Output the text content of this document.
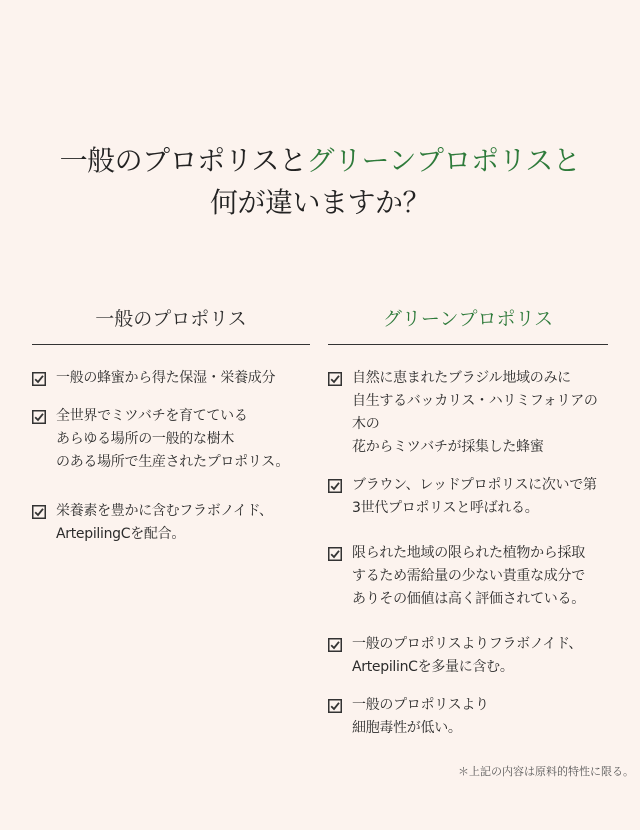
一般のプロポリスとグリーンプロポリスと
何が違いますか？
一般のプロポリス
一般の蜂蜜から得た保湿・栄養成分
全世界でミツバチを育てている
あらゆる場所の一般的な樹木
のある場所で生産されたプロポリス。
栄養素を豊かに含むフラボノイド、
ArtepilingCを配合。
グリーンプロポリス
自然に恵まれたブラジル地域のみに
自生するバッカリス・ハリミフォリアの木の
花からミツバチが採集した蜂蜜
ブラウン、レッドプロポリスに次いで第
3世代プロポリスと呼ばれる。
限られた地域の限られた植物から採取
するため需給量の少ない貴重な成分で
ありその価値は高く評価されている。
一般のプロポリスよりフラボノイド、
ArtepilinCを多量に含む。
一般のプロポリスより
細胞毒性が低い。
＊上記の内容は原料的特性に限る。
